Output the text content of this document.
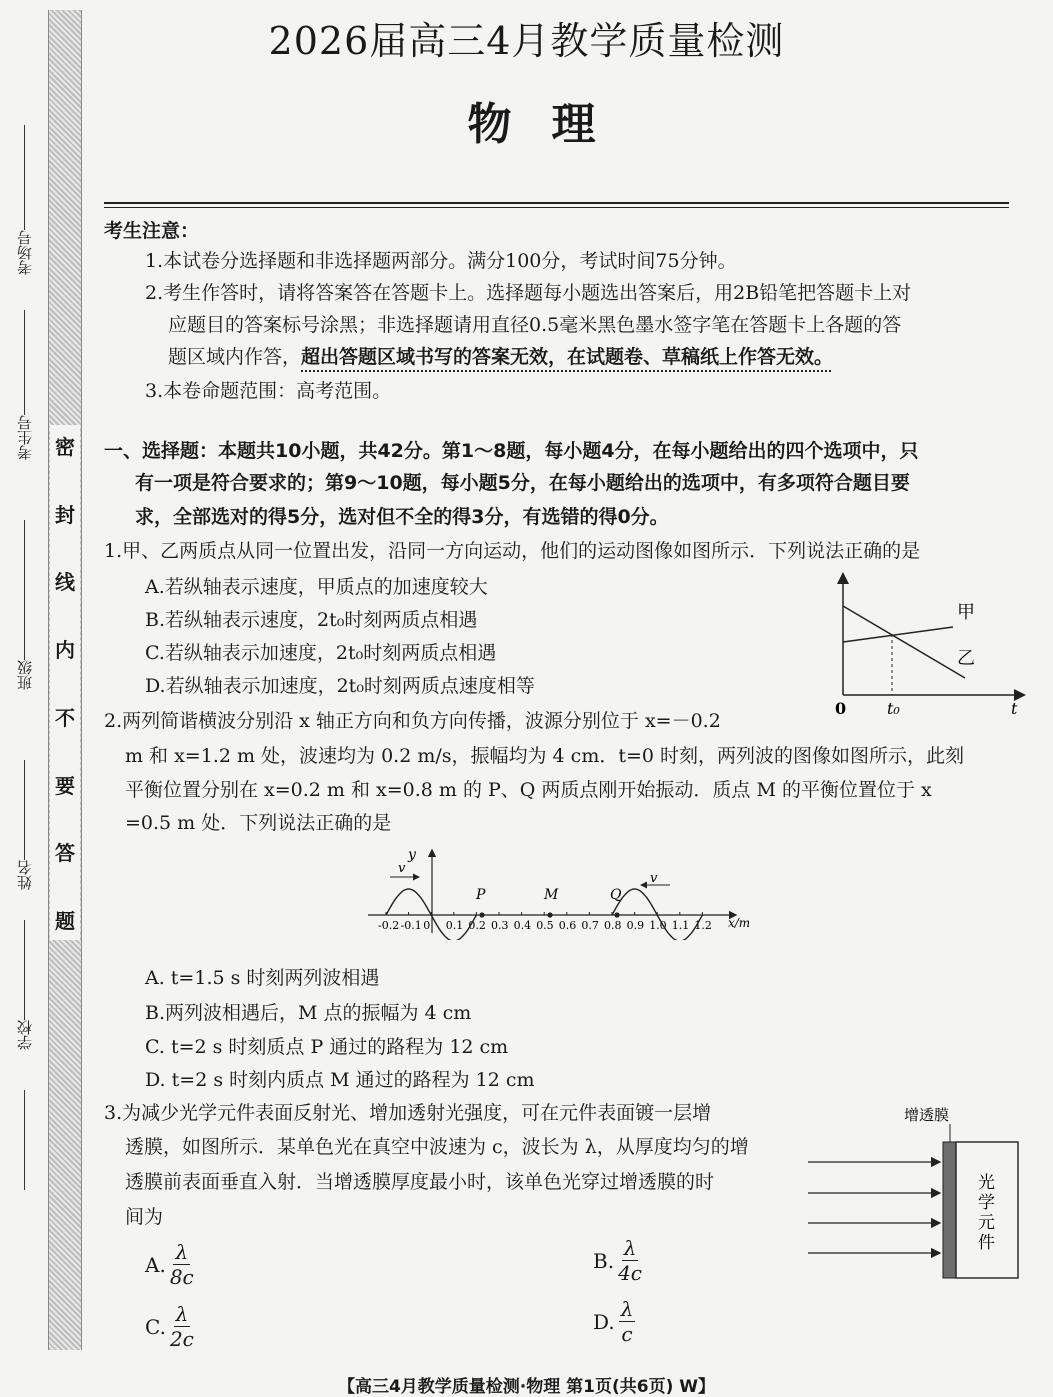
密
封
线
内
不
要
答
题
考场号
考生号
班级
姓名
学校
2026届高三4月教学质量检测
物理
考生注意：
1.本试卷分选择题和非选择题两部分。满分100分，考试时间75分钟。
2.考生作答时，请将答案答在答题卡上。选择题每小题选出答案后，用2B铅笔把答题卡上对
应题目的答案标号涂黑；非选择题请用直径0.5毫米黑色墨水签字笔在答题卡上各题的答
题区域内作答，超出答题区域书写的答案无效，在试题卷、草稿纸上作答无效。
3.本卷命题范围：高考范围。
一、选择题：本题共10小题，共42分。第1～8题，每小题4分，在每小题给出的四个选项中，只
有一项是符合要求的；第9～10题，每小题5分，在每小题给出的选项中，有多项符合题目要
求，全部选对的得5分，选对但不全的得3分，有选错的得0分。
1.甲、乙两质点从同一位置出发，沿同一方向运动，他们的运动图像如图所示．下列说法正确的是
A.若纵轴表示速度，甲质点的加速度较大
B.若纵轴表示速度，2t₀时刻两质点相遇
C.若纵轴表示加速度，2t₀时刻两质点相遇
D.若纵轴表示加速度，2t₀时刻两质点速度相等
甲
乙
0	t₀	t
2.两列简谐横波分别沿 x 轴正方向和负方向传播，波源分别位于 x=－0.2
m 和 x=1.2 m 处，波速均为 0.2 m/s，振幅均为 4 cm．t=0 时刻，两列波的图像如图所示，此刻
平衡位置分别在 x=0.2 m 和 x=0.8 m 的 P、Q 两质点刚开始振动．质点 M 的平衡位置位于 x
=0.5 m 处．下列说法正确的是
-0.2 -0.1 0 0.1 0.2 0.3 0.4 0.5 0.6 0.7 0.8 0.9 1.0 1.1 1.2
y
x/m
v
v
P	M	Q
A. t=1.5 s 时刻两列波相遇
B.两列波相遇后，M 点的振幅为 4 cm
C. t=2 s 时刻质点 P 通过的路程为 12 cm
D. t=2 s 时刻内质点 M 通过的路程为 12 cm
3.为减少光学元件表面反射光、增加透射光强度，可在元件表面镀一层增
透膜，如图所示．某单色光在真空中波速为 c，波长为 λ，从厚度均匀的增
透膜前表面垂直入射．当增透膜厚度最小时，该单色光穿过增透膜的时
间为
增透膜
光 学 元 件
A.
λ
8c
B.
λ
4c
C.
λ
2c
D.
λ
c
【高三4月教学质量检测·物理 第1页(共6页) W】
